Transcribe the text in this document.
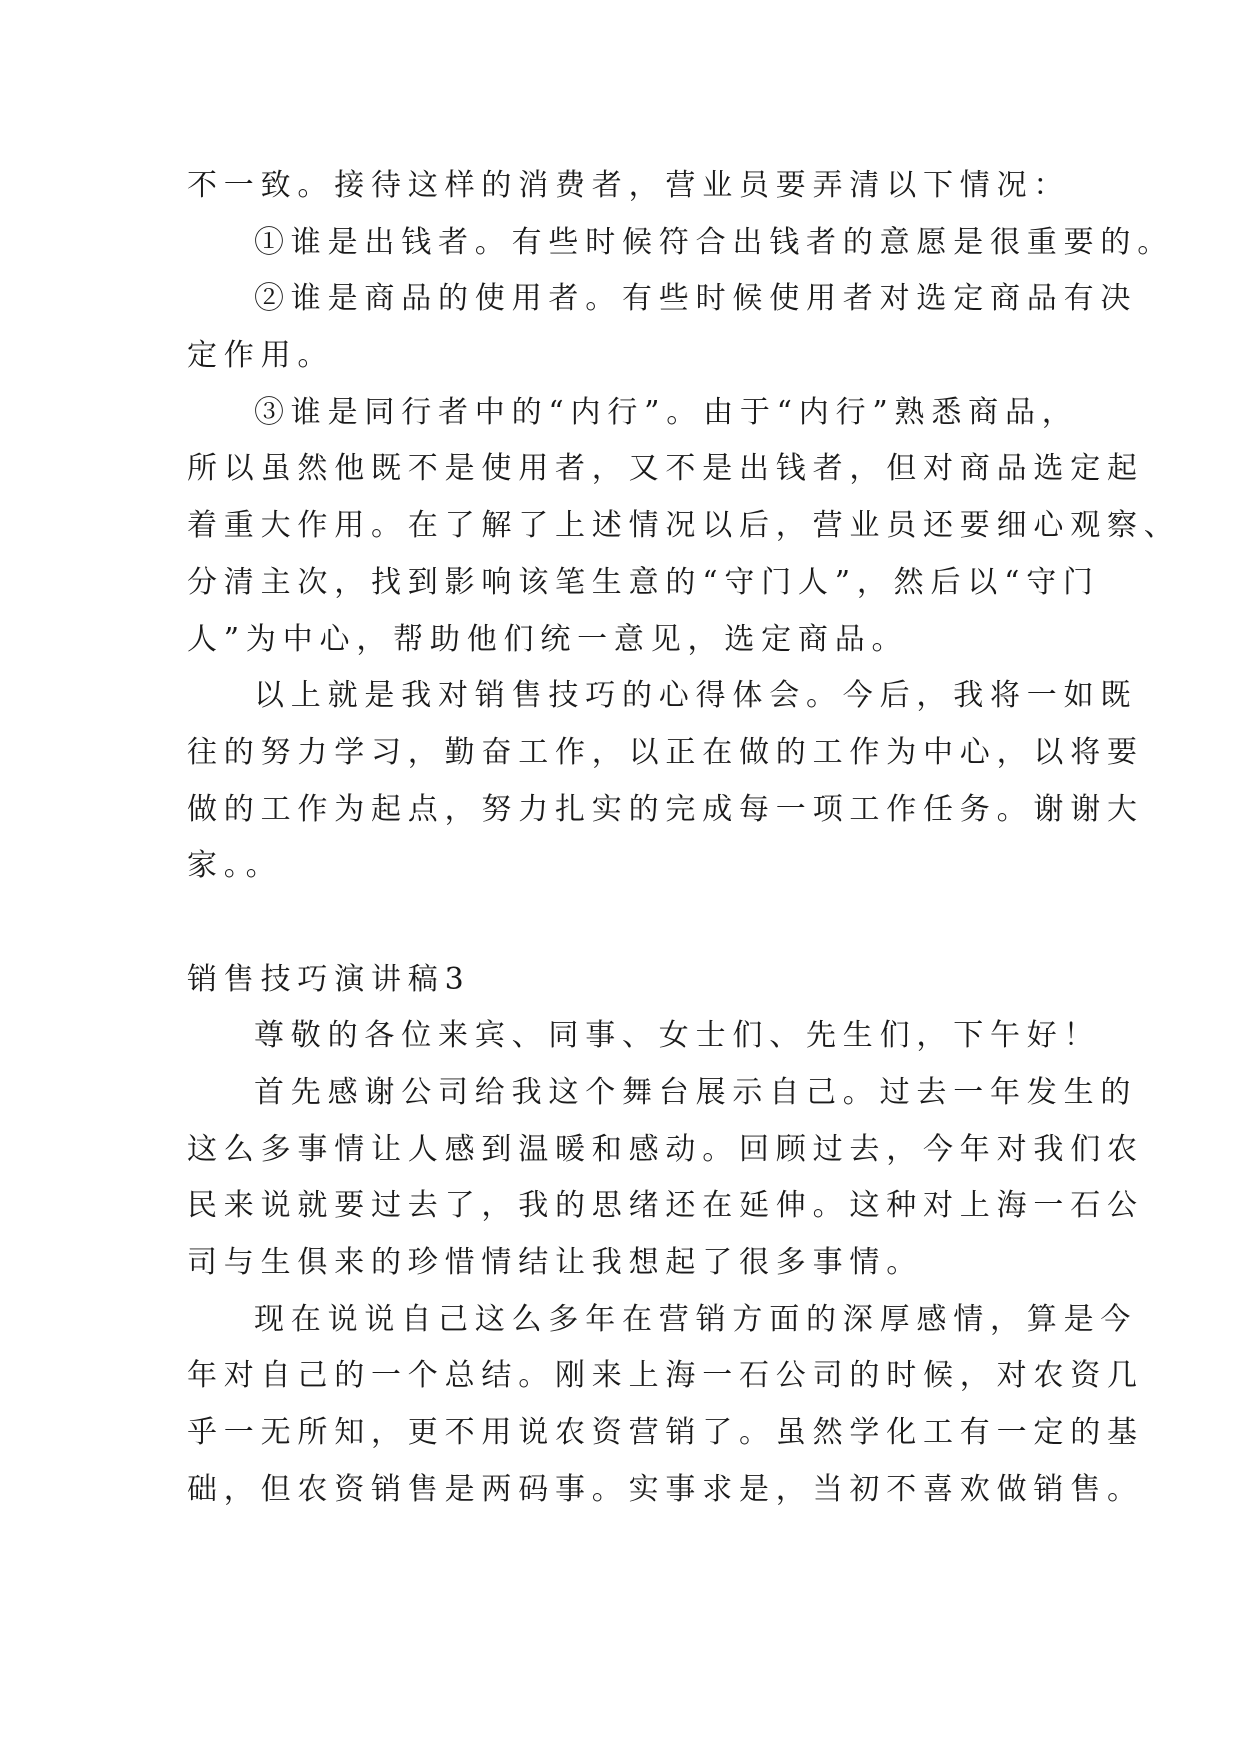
不一致。接待这样的消费者，营业员要弄清以下情况：
①谁是出钱者。有些时候符合出钱者的意愿是很重要的。
②谁是商品的使用者。有些时候使用者对选定商品有决
定作用。
③谁是同行者中的“内行”。由于“内行”熟悉商品，
所以虽然他既不是使用者，又不是出钱者，但对商品选定起
着重大作用。在了解了上述情况以后，营业员还要细心观察、
分清主次，找到影响该笔生意的“守门人”，然后以“守门
人”为中心，帮助他们统一意见，选定商品。
以上就是我对销售技巧的心得体会。今后，我将一如既
往的努力学习，勤奋工作，以正在做的工作为中心，以将要
做的工作为起点，努力扎实的完成每一项工作任务。谢谢大
家。。
销售技巧演讲稿3
尊敬的各位来宾、同事、女士们、先生们，下午好！
首先感谢公司给我这个舞台展示自己。过去一年发生的
这么多事情让人感到温暖和感动。回顾过去，今年对我们农
民来说就要过去了，我的思绪还在延伸。这种对上海一石公
司与生俱来的珍惜情结让我想起了很多事情。
现在说说自己这么多年在营销方面的深厚感情，算是今
年对自己的一个总结。刚来上海一石公司的时候，对农资几
乎一无所知，更不用说农资营销了。虽然学化工有一定的基
础，但农资销售是两码事。实事求是，当初不喜欢做销售。
